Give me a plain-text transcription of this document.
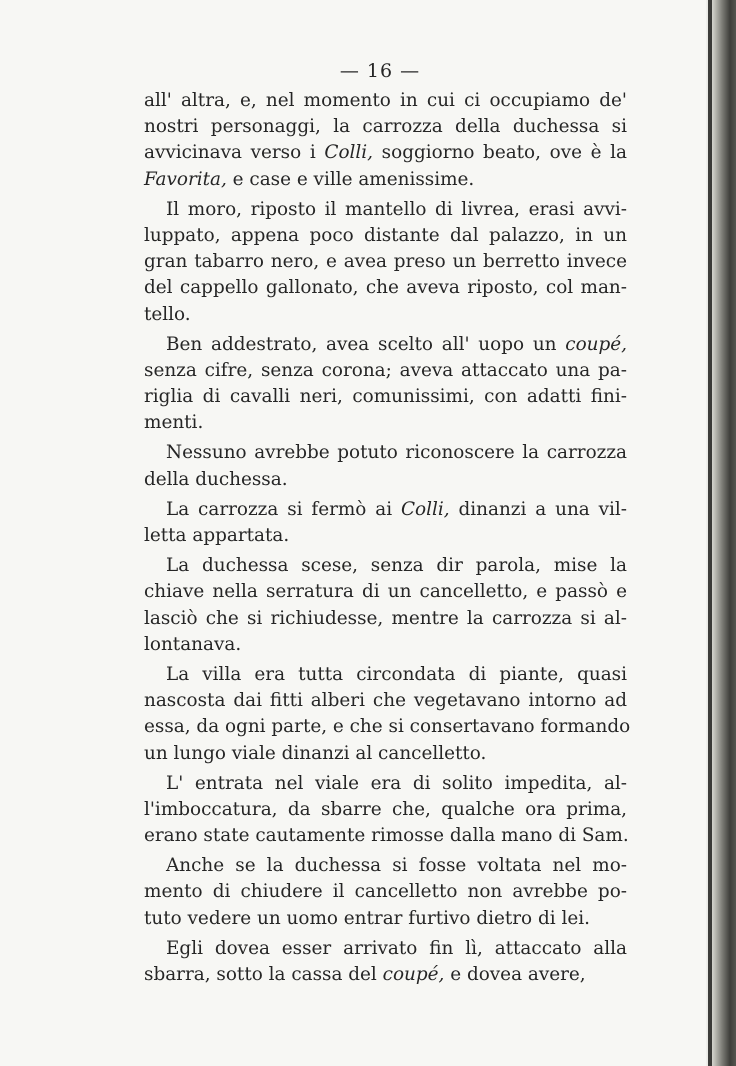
— 16 —
all' altra, e, nel momento in cui ci occupiamo de'
nostri personaggi, la carrozza della duchessa si
avvicinava verso i Colli, soggiorno beato, ove è la
Favorita, e case e ville amenissime.
Il moro, riposto il mantello di livrea, erasi avvi-
luppato, appena poco distante dal palazzo, in un
gran tabarro nero, e avea preso un berretto invece
del cappello gallonato, che aveva riposto, col man-
tello.
Ben addestrato, avea scelto all' uopo un coupé,
senza cifre, senza corona; aveva attaccato una pa-
riglia di cavalli neri, comunissimi, con adatti fini-
menti.
Nessuno avrebbe potuto riconoscere la carrozza
della duchessa.
La carrozza si fermò ai Colli, dinanzi a una vil-
letta appartata.
La duchessa scese, senza dir parola, mise la
chiave nella serratura di un cancelletto, e passò e
lasciò che si richiudesse, mentre la carrozza si al-
lontanava.
La villa era tutta circondata di piante, quasi
nascosta dai fitti alberi che vegetavano intorno ad
essa, da ogni parte, e che si consertavano formando
un lungo viale dinanzi al cancelletto.
L' entrata nel viale era di solito impedita, al-
l'imboccatura, da sbarre che, qualche ora prima,
erano state cautamente rimosse dalla mano di Sam.
Anche se la duchessa si fosse voltata nel mo-
mento di chiudere il cancelletto non avrebbe po-
tuto vedere un uomo entrar furtivo dietro di lei.
Egli dovea esser arrivato fin lì, attaccato alla
sbarra, sotto la cassa del coupé, e dovea avere,
